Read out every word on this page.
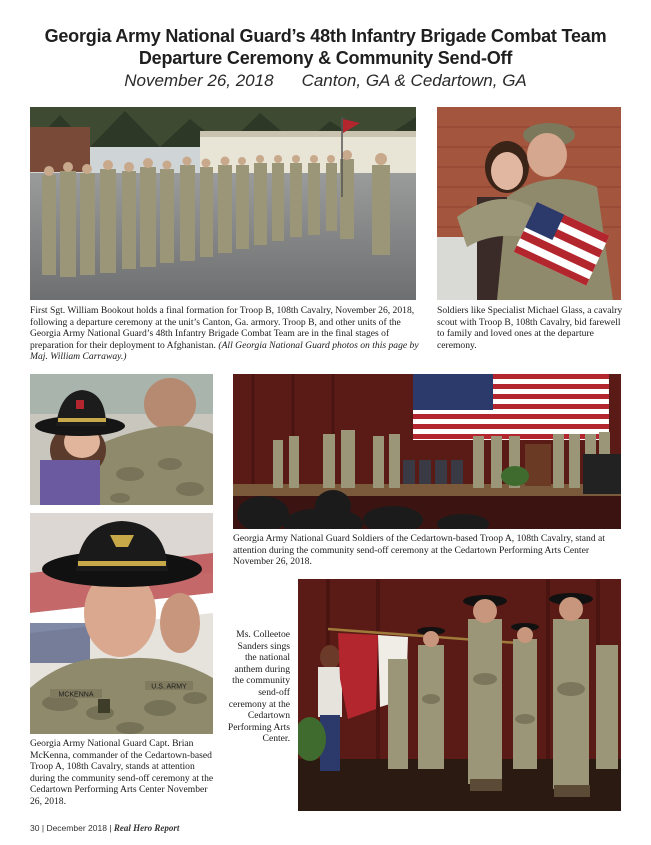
Georgia Army National Guard’s 48th Infantry Brigade Combat Team
Departure Ceremony & Community Send-Off
November 26, 2018 Canton, GA & Cedartown, GA
First Sgt. William Bookout holds a final formation for Troop B, 108th Cavalry, November 26, 2018, following a departure ceremony at the unit’s Canton, Ga. armory. Troop B, and other units of the Georgia Army National Guard’s 48th Infantry Brigade Combat Team are in the final stages of preparation for their deployment to Afghanistan. (All Georgia National Guard photos on this page by Maj. William Carraway.)
Soldiers like Specialist Michael Glass, a cavalry scout with Troop B, 108th Cavalry, bid farewell to family and loved ones at the departure ceremony.
MCKENNA
U.S. ARMY
Georgia Army National Guard Soldiers of the Cedartown-based Troop A, 108th Cavalry, stand at attention during the community send-off ceremony at the Cedartown Performing Arts Center November 26, 2018.
Ms. Colleetoe Sanders sings the national anthem during the community send-off ceremony at the Cedartown Performing Arts Center.
Georgia Army National Guard Capt. Brian McKenna, commander of the Cedartown-based Troop A, 108th Cavalry, stands at attention during the community send-off ceremony at the Cedartown Performing Arts Center November 26, 2018.
30 | December 2018 | Real Hero Report
